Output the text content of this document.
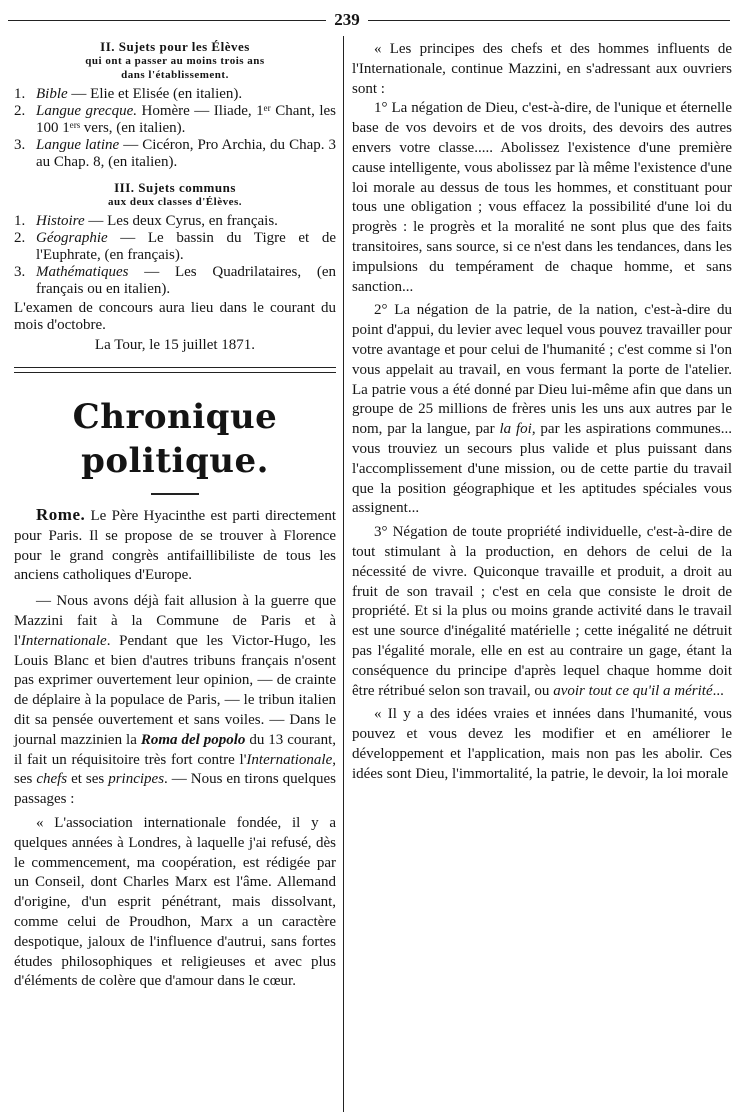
239
II. Sujets pour les Élèves
qui ont a passer au moins trois ans
dans l'établissement.
1. Bible — Elie et Elisée (en italien).
2. Langue grecque. Homère — Iliade, 1ᵉʳ Chant, les 100 1ᵉʳˢ vers, (en italien).
3. Langue latine — Cicéron, Pro Archia, du Chap. 3 au Chap. 8, (en italien).
III. Sujets communs
aux deux classes d'Élèves.
1. Histoire — Les deux Cyrus, en français.
2. Géographie — Le bassin du Tigre et de l'Euphrate, (en français).
3. Mathématiques — Les Quadrilataires, (en français ou en italien).

L'examen de concours aura lieu dans le courant du mois d'octobre.

La Tour, le 15 juillet 1871.

Chronique politique.

Rome. Le Père Hyacinthe est parti directement pour Paris. Il se propose de se trouver à Florence pour le grand congrès antifaillibiliste de tous les anciens catholiques d'Europe.

— Nous avons déjà fait allusion à la guerre que Mazzini fait à la Commune de Paris et à l'Internationale. Pendant que les Victor-Hugo, les Louis Blanc et bien d'autres tribuns français n'osent pas exprimer ouvertement leur opinion, — de crainte de déplaire à la populace de Paris, — le tribun italien dit sa pensée ouvertement et sans voiles. — Dans le journal mazzinien la Roma del popolo du 13 courant, il fait un réquisitoire très fort contre l'Internationale, ses chefs et ses principes. — Nous en tirons quelques passages :

« L'association internationale fondée, il y a quelques années à Londres, à laquelle j'ai refusé, dès le commencement, ma coopération, est rédigée par un Conseil, dont Charles Marx est l'âme. Allemand d'origine, d'un esprit pénétrant, mais dissolvant, comme celui de Proudhon, Marx a un caractère despotique, jaloux de l'influence d'autrui, sans fortes études philosophiques et religieuses et avec plus d'éléments de colère que d'amour dans le cœur.

« Les principes des chefs et des hommes influents de l'Internationale, continue Mazzini, en s'adressant aux ouvriers sont :

1° La négation de Dieu, c'est-à-dire, de l'unique et éternelle base de vos devoirs et de vos droits, des devoirs des autres envers votre classe..... Abolissez l'existence d'une première cause intelligente, vous abolissez par là même l'existence d'une loi morale au dessus de tous les hommes, et constituant pour tous une obligation ; vous effacez la possibilité d'une loi du progrès : le progrès et la moralité ne sont plus que des faits transitoires, sans source, si ce n'est dans les tendances, dans les impulsions du tempérament de chaque homme, et sans sanction...

2° La négation de la patrie, de la nation, c'est-à-dire du point d'appui, du levier avec lequel vous pouvez travailler pour votre avantage et pour celui de l'humanité ; c'est comme si l'on vous appelait au travail, en vous fermant la porte de l'atelier. La patrie vous a été donné par Dieu lui-même afin que dans un groupe de 25 millions de frères unis les uns aux autres par le nom, par la langue, par la foi, par les aspirations communes... vous trouviez un secours plus valide et plus puissant dans l'accomplissement d'une mission, ou de cette partie du travail que la position géographique et les aptitudes spéciales vous assignent...

3° Négation de toute propriété individuelle, c'est-à-dire de tout stimulant à la production, en dehors de celui de la nécessité de vivre. Quiconque travaille et produit, a droit au fruit de son travail ; c'est en cela que consiste le droit de propriété. Et si la plus ou moins grande activité dans le travail est une source d'inégalité matérielle ; cette inégalité ne détruit pas l'égalité morale, elle en est au contraire un gage, étant la conséquence du principe d'après lequel chaque homme doit être rétribué selon son travail, ou avoir tout ce qu'il a mérité...

« Il y a des idées vraies et innées dans l'humanité, vous pouvez et vous devez les modifier et en améliorer le développement et l'application, mais non pas les abolir. Ces idées sont Dieu, l'immortalité, la patrie, le devoir, la loi morale
